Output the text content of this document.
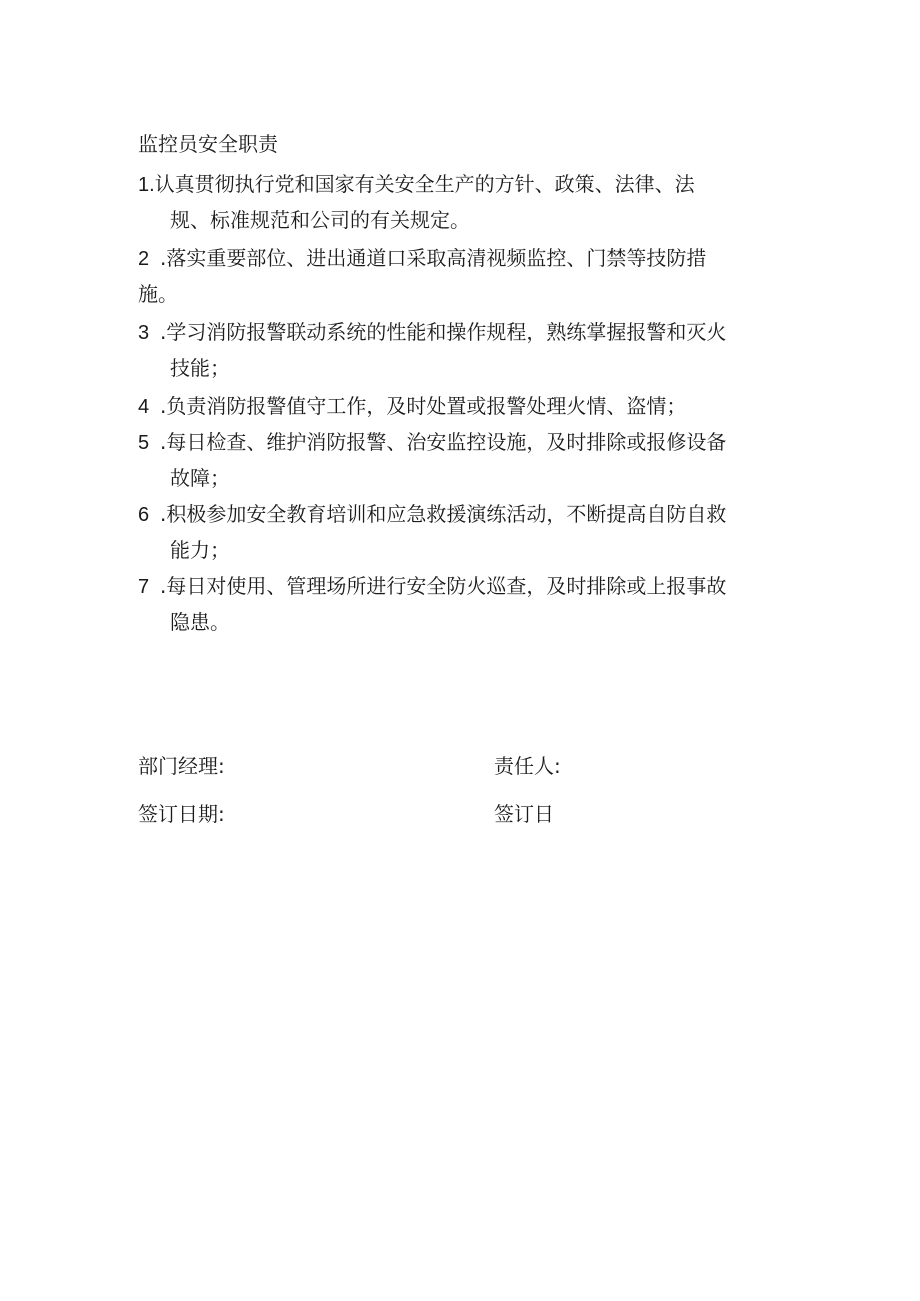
监控员安全职责
1.认真贯彻执行党和国家有关安全生产的方针、政策、法律、法
规、标准规范和公司的有关规定。
2 .落实重要部位、进出通道口采取高清视频监控、门禁等技防措
施。
3 .学习消防报警联动系统的性能和操作规程，熟练掌握报警和灭火
技能；
4 .负责消防报警值守工作，及时处置或报警处理火情、盗情；
5 .每日检查、维护消防报警、治安监控设施，及时排除或报修设备
故障；
6 .积极参加安全教育培训和应急救援演练活动，不断提高自防自救
能力；
7 .每日对使用、管理场所进行安全防火巡查，及时排除或上报事故
隐患。
部门经理:	责任人:
签订日期:	签订日
